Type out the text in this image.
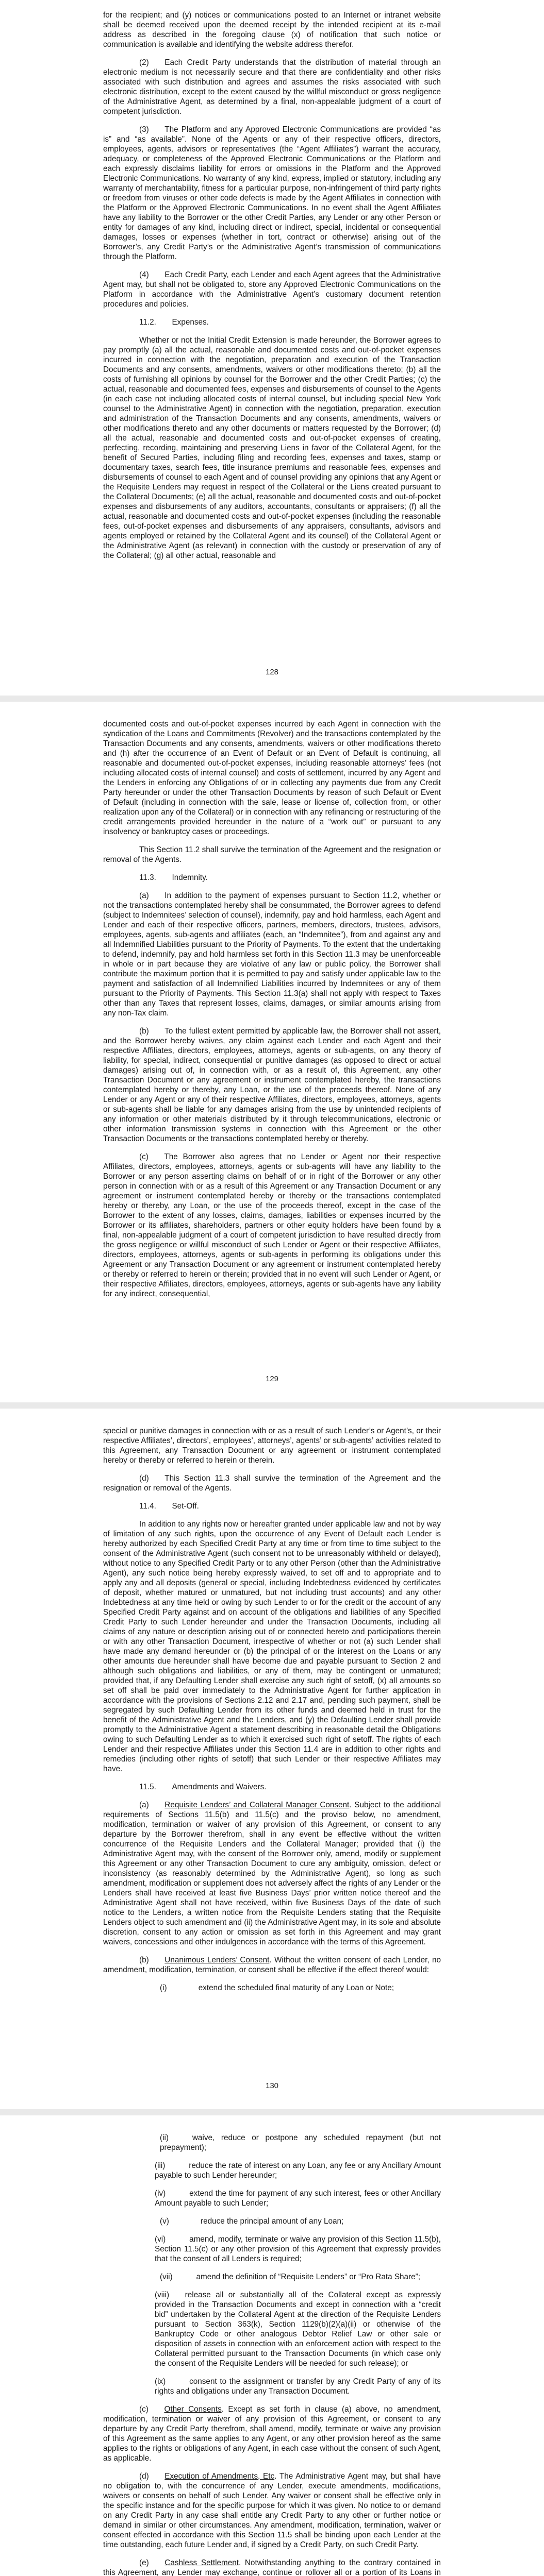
for the recipient; and (y) notices or communications posted to an Internet or intranet website shall be deemed received upon the deemed receipt by the intended recipient at its e-mail address as described in the foregoing clause (x) of notification that such notice or communication is available and identifying the website address therefor.
(2)  Each Credit Party understands that the distribution of material through an electronic medium is not necessarily secure and that there are confidentiality and other risks associated with such distribution and agrees and assumes the risks associated with such electronic distribution, except to the extent caused by the willful misconduct or gross negligence of the Administrative Agent, as determined by a final, non-appealable judgment of a court of competent jurisdiction.
(3)  The Platform and any Approved Electronic Communications are provided “as is” and “as available”. None of the Agents or any of their respective officers, directors, employees, agents, advisors or representatives (the “Agent Affiliates”) warrant the accuracy, adequacy, or completeness of the Approved Electronic Communications or the Platform and each expressly disclaims liability for errors or omissions in the Platform and the Approved Electronic Communications. No warranty of any kind, express, implied or statutory, including any warranty of merchantability, fitness for a particular purpose, non-infringement of third party rights or freedom from viruses or other code defects is made by the Agent Affiliates in connection with the Platform or the Approved Electronic Communications. In no event shall the Agent Affiliates have any liability to the Borrower or the other Credit Parties, any Lender or any other Person or entity for damages of any kind, including direct or indirect, special, incidental or consequential damages, losses or expenses (whether in tort, contract or otherwise) arising out of the Borrower’s, any Credit Party’s or the Administrative Agent’s transmission of communications through the Platform.
(4)  Each Credit Party, each Lender and each Agent agrees that the Administrative Agent may, but shall not be obligated to, store any Approved Electronic Communications on the Platform in accordance with the Administrative Agent’s customary document retention procedures and policies.
11.2.  Expenses.
Whether or not the Initial Credit Extension is made hereunder, the Borrower agrees to pay promptly (a) all the actual, reasonable and documented costs and out-of-pocket expenses incurred in connection with the negotiation, preparation and execution of the Transaction Documents and any consents, amendments, waivers or other modifications thereto; (b) all the costs of furnishing all opinions by counsel for the Borrower and the other Credit Parties; (c) the actual, reasonable and documented fees, expenses and disbursements of counsel to the Agents (in each case not including allocated costs of internal counsel, but including special New York counsel to the Administrative Agent) in connection with the negotiation, preparation, execution and administration of the Transaction Documents and any consents, amendments, waivers or other modifications thereto and any other documents or matters requested by the Borrower; (d) all the actual, reasonable and documented costs and out-of-pocket expenses of creating, perfecting, recording, maintaining and preserving Liens in favor of the Collateral Agent, for the benefit of Secured Parties, including filing and recording fees, expenses and taxes, stamp or documentary taxes, search fees, title insurance premiums and reasonable fees, expenses and disbursements of counsel to each Agent and of counsel providing any opinions that any Agent or the Requisite Lenders may request in respect of the Collateral or the Liens created pursuant to the Collateral Documents; (e) all the actual, reasonable and documented costs and out-of-pocket expenses and disbursements of any auditors, accountants, consultants or appraisers; (f) all the actual, reasonable and documented costs and out-of-pocket expenses (including the reasonable fees, out-of-pocket expenses and disbursements of any appraisers, consultants, advisors and agents employed or retained by the Collateral Agent and its counsel) of the Collateral Agent or the Administrative Agent (as relevant) in connection with the custody or preservation of any of the Collateral; (g) all other actual, reasonable and
128
documented costs and out-of-pocket expenses incurred by each Agent in connection with the syndication of the Loans and Commitments (Revolver) and the transactions contemplated by the Transaction Documents and any consents, amendments, waivers or other modifications thereto and (h) after the occurrence of an Event of Default or an Event of Default is continuing, all reasonable and documented out-of-pocket expenses, including reasonable attorneys’ fees (not including allocated costs of internal counsel) and costs of settlement, incurred by any Agent and the Lenders in enforcing any Obligations of or in collecting any payments due from any Credit Party hereunder or under the other Transaction Documents by reason of such Default or Event of Default (including in connection with the sale, lease or license of, collection from, or other realization upon any of the Collateral) or in connection with any refinancing or restructuring of the credit arrangements provided hereunder in the nature of a “work out” or pursuant to any insolvency or bankruptcy cases or proceedings.
This Section 11.2 shall survive the termination of the Agreement and the resignation or removal of the Agents.
11.3.  Indemnity.
(a)  In addition to the payment of expenses pursuant to Section 11.2, whether or not the transactions contemplated hereby shall be consummated, the Borrower agrees to defend (subject to Indemnitees’ selection of counsel), indemnify, pay and hold harmless, each Agent and Lender and each of their respective officers, partners, members, directors, trustees, advisors, employees, agents, sub-agents and affiliates (each, an “Indemnitee”), from and against any and all Indemnified Liabilities pursuant to the Priority of Payments. To the extent that the undertaking to defend, indemnify, pay and hold harmless set forth in this Section 11.3 may be unenforceable in whole or in part because they are violative of any law or public policy, the Borrower shall contribute the maximum portion that it is permitted to pay and satisfy under applicable law to the payment and satisfaction of all Indemnified Liabilities incurred by Indemnitees or any of them pursuant to the Priority of Payments. This Section 11.3(a) shall not apply with respect to Taxes other than any Taxes that represent losses, claims, damages, or similar amounts arising from any non-Tax claim.
(b)  To the fullest extent permitted by applicable law, the Borrower shall not assert, and the Borrower hereby waives, any claim against each Lender and each Agent and their respective Affiliates, directors, employees, attorneys, agents or sub-agents, on any theory of liability, for special, indirect, consequential or punitive damages (as opposed to direct or actual damages) arising out of, in connection with, or as a result of, this Agreement, any other Transaction Document or any agreement or instrument contemplated hereby, the transactions contemplated hereby or thereby, any Loan, or the use of the proceeds thereof. None of any Lender or any Agent or any of their respective Affiliates, directors, employees, attorneys, agents or sub-agents shall be liable for any damages arising from the use by unintended recipients of any information or other materials distributed by it through telecommunications, electronic or other information transmission systems in connection with this Agreement or the other Transaction Documents or the transactions contemplated hereby or thereby.
(c)  The Borrower also agrees that no Lender or Agent nor their respective Affiliates, directors, employees, attorneys, agents or sub-agents will have any liability to the Borrower or any person asserting claims on behalf of or in right of the Borrower or any other person in connection with or as a result of this Agreement or any Transaction Document or any agreement or instrument contemplated hereby or thereby or the transactions contemplated hereby or thereby, any Loan, or the use of the proceeds thereof, except in the case of the Borrower to the extent of any losses, claims, damages, liabilities or expenses incurred by the Borrower or its affiliates, shareholders, partners or other equity holders have been found by a final, non-appealable judgment of a court of competent jurisdiction to have resulted directly from the gross negligence or willful misconduct of such Lender or Agent or their respective Affiliates, directors, employees, attorneys, agents or sub-agents in performing its obligations under this Agreement or any Transaction Document or any agreement or instrument contemplated hereby or thereby or referred to herein or therein; provided that in no event will such Lender or Agent, or their respective Affiliates, directors, employees, attorneys, agents or sub-agents have any liability for any indirect, consequential,
129
special or punitive damages in connection with or as a result of such Lender’s or Agent’s, or their respective Affiliates’, directors’, employees’, attorneys’, agents’ or sub-agents’ activities related to this Agreement, any Transaction Document or any agreement or instrument contemplated hereby or thereby or referred to herein or therein.
(d)  This Section 11.3 shall survive the termination of the Agreement and the resignation or removal of the Agents.
11.4.  Set-Off.
In addition to any rights now or hereafter granted under applicable law and not by way of limitation of any such rights, upon the occurrence of any Event of Default each Lender is hereby authorized by each Specified Credit Party at any time or from time to time subject to the consent of the Administrative Agent (such consent not to be unreasonably withheld or delayed), without notice to any Specified Credit Party or to any other Person (other than the Administrative Agent), any such notice being hereby expressly waived, to set off and to appropriate and to apply any and all deposits (general or special, including Indebtedness evidenced by certificates of deposit, whether matured or unmatured, but not including trust accounts) and any other Indebtedness at any time held or owing by such Lender to or for the credit or the account of any Specified Credit Party against and on account of the obligations and liabilities of any Specified Credit Party to such Lender hereunder and under the Transaction Documents, including all claims of any nature or description arising out of or connected hereto and participations therein or with any other Transaction Document, irrespective of whether or not (a) such Lender shall have made any demand hereunder or (b) the principal of or the interest on the Loans or any other amounts due hereunder shall have become due and payable pursuant to Section 2 and although such obligations and liabilities, or any of them, may be contingent or unmatured; provided that, if any Defaulting Lender shall exercise any such right of setoff, (x) all amounts so set off shall be paid over immediately to the Administrative Agent for further application in accordance with the provisions of Sections 2.12 and 2.17 and, pending such payment, shall be segregated by such Defaulting Lender from its other funds and deemed held in trust for the benefit of the Administrative Agent and the Lenders, and (y) the Defaulting Lender shall provide promptly to the Administrative Agent a statement describing in reasonable detail the Obligations owing to such Defaulting Lender as to which it exercised such right of setoff. The rights of each Lender and their respective Affiliates under this Section 11.4 are in addition to other rights and remedies (including other rights of setoff) that such Lender or their respective Affiliates may have.
11.5.  Amendments and Waivers.
(a)  Requisite Lenders’ and Collateral Manager Consent. Subject to the additional requirements of Sections 11.5(b) and 11.5(c) and the proviso below, no amendment, modification, termination or waiver of any provision of this Agreement, or consent to any departure by the Borrower therefrom, shall in any event be effective without the written concurrence of the Requisite Lenders and the Collateral Manager; provided that (i) the Administrative Agent may, with the consent of the Borrower only, amend, modify or supplement this Agreement or any other Transaction Document to cure any ambiguity, omission, defect or inconsistency (as reasonably determined by the Administrative Agent), so long as such amendment, modification or supplement does not adversely affect the rights of any Lender or the Lenders shall have received at least five Business Days’ prior written notice thereof and the Administrative Agent shall not have received, within five Business Days of the date of such notice to the Lenders, a written notice from the Requisite Lenders stating that the Requisite Lenders object to such amendment and (ii) the Administrative Agent may, in its sole and absolute discretion, consent to any action or omission as set forth in this Agreement and may grant waivers, concessions and other indulgences in accordance with the terms of this Agreement.
(b)  Unanimous Lenders’ Consent. Without the written consent of each Lender, no amendment, modification, termination, or consent shall be effective if the effect thereof would:
(i)    extend the scheduled final maturity of any Loan or Note;
130
(ii)   waive, reduce or postpone any scheduled repayment (but not prepayment);
(iii)   reduce the rate of interest on any Loan, any fee or any Ancillary Amount payable to such Lender hereunder;
(iv)   extend the time for payment of any such interest, fees or other Ancillary Amount payable to such Lender;
(v)    reduce the principal amount of any Loan;
(vi)   amend, modify, terminate or waive any provision of this Section 11.5(b), Section 11.5(c) or any other provision of this Agreement that expressly provides that the consent of all Lenders is required;
(vii)   amend the definition of “Requisite Lenders” or “Pro Rata Share”;
(viii)  release all or substantially all of the Collateral except as expressly provided in the Transaction Documents and except in connection with a “credit bid” undertaken by the Collateral Agent at the direction of the Requisite Lenders pursuant to Section 363(k), Section 1129(b)(2)(a)(ii) or otherwise of the Bankruptcy Code or other analogous Debtor Relief Law or other sale or disposition of assets in connection with an enforcement action with respect to the Collateral permitted pursuant to the Transaction Documents (in which case only the consent of the Requisite Lenders will be needed for such release); or
(ix)   consent to the assignment or transfer by any Credit Party of any of its rights and obligations under any Transaction Document.
(c)  Other Consents. Except as set forth in clause (a) above, no amendment, modification, termination or waiver of any provision of this Agreement, or consent to any departure by any Credit Party therefrom, shall amend, modify, terminate or waive any provision of this Agreement as the same applies to any Agent, or any other provision hereof as the same applies to the rights or obligations of any Agent, in each case without the consent of such Agent, as applicable.
(d)  Execution of Amendments, Etc. The Administrative Agent may, but shall have no obligation to, with the concurrence of any Lender, execute amendments, modifications, waivers or consents on behalf of such Lender. Any waiver or consent shall be effective only in the specific instance and for the specific purpose for which it was given. No notice to or demand on any Credit Party in any case shall entitle any Credit Party to any other or further notice or demand in similar or other circumstances. Any amendment, modification, termination, waiver or consent effected in accordance with this Section 11.5 shall be binding upon each Lender at the time outstanding, each future Lender and, if signed by a Credit Party, on such Credit Party.
(e)  Cashless Settlement. Notwithstanding anything to the contrary contained in this Agreement, any Lender may exchange, continue or rollover all or a portion of its Loans in
